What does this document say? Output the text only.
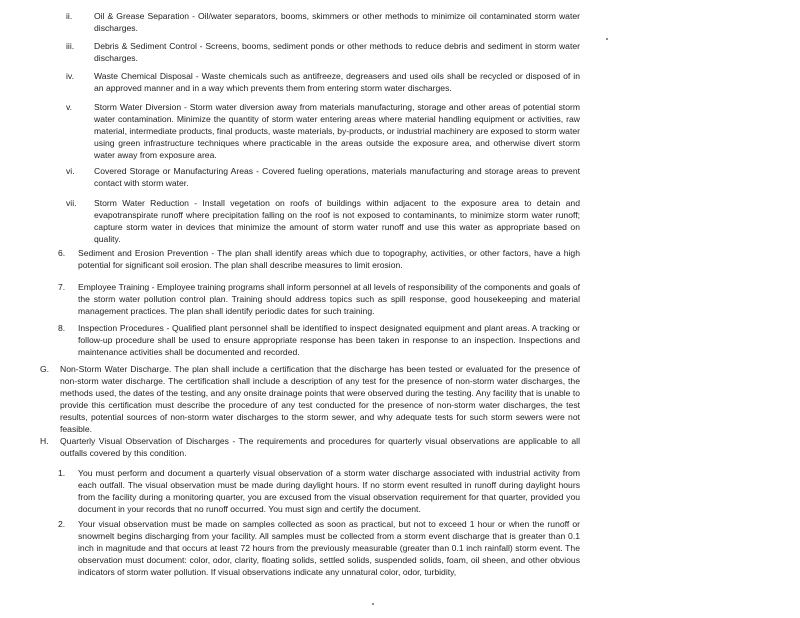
ii.	Oil & Grease Separation - Oil/water separators, booms, skimmers or other methods to minimize oil contaminated storm water discharges.
iii. Debris & Sediment Control - Screens, booms, sediment ponds or other methods to reduce debris and sediment in storm water discharges.
iv. Waste Chemical Disposal - Waste chemicals such as antifreeze, degreasers and used oils shall be recycled or disposed of in an approved manner and in a way which prevents them from entering storm water discharges.
v.	Storm Water Diversion - Storm water diversion away from materials manufacturing, storage and other areas of potential storm water contamination. Minimize the quantity of storm water entering areas where material handling equipment or activities, raw material, intermediate products, final products, waste materials, by-products, or industrial machinery are exposed to storm water using green infrastructure techniques where practicable in the areas outside the exposure area, and otherwise divert storm water away from exposure area.
vi. Covered Storage or Manufacturing Areas - Covered fueling operations, materials manufacturing and storage areas to prevent contact with storm water.
vii. Storm Water Reduction - Install vegetation on roofs of buildings within adjacent to the exposure area to detain and evapotranspirate runoff where precipitation falling on the roof is not exposed to contaminants, to minimize storm water runoff; capture storm water in devices that minimize the amount of storm water runoff and use this water as appropriate based on quality.
6. Sediment and Erosion Prevention - The plan shall identify areas which due to topography, activities, or other factors, have a high potential for significant soil erosion. The plan shall describe measures to limit erosion.
7. Employee Training - Employee training programs shall inform personnel at all levels of responsibility of the components and goals of the storm water pollution control plan. Training should address topics such as spill response, good housekeeping and material management practices. The plan shall identify periodic dates for such training.
8. Inspection Procedures - Qualified plant personnel shall be identified to inspect designated equipment and plant areas. A tracking or follow-up procedure shall be used to ensure appropriate response has been taken in response to an inspection. Inspections and maintenance activities shall be documented and recorded.
G. Non-Storm Water Discharge. The plan shall include a certification that the discharge has been tested or evaluated for the presence of non-storm water discharge. The certification shall include a description of any test for the presence of non-storm water discharges, the methods used, the dates of the testing, and any onsite drainage points that were observed during the testing. Any facility that is unable to provide this certification must describe the procedure of any test conducted for the presence of non-storm water discharges, the test results, potential sources of non-storm water discharges to the storm sewer, and why adequate tests for such storm sewers were not feasible.
H. Quarterly Visual Observation of Discharges - The requirements and procedures for quarterly visual observations are applicable to all outfalls covered by this condition.
1. You must perform and document a quarterly visual observation of a storm water discharge associated with industrial activity from each outfall. The visual observation must be made during daylight hours. If no storm event resulted in runoff during daylight hours from the facility during a monitoring quarter, you are excused from the visual observation requirement for that quarter, provided you document in your records that no runoff occurred. You must sign and certify the document.
2. Your visual observation must be made on samples collected as soon as practical, but not to exceed 1 hour or when the runoff or snowmelt begins discharging from your facility. All samples must be collected from a storm event discharge that is greater than 0.1 inch in magnitude and that occurs at least 72 hours from the previously measurable (greater than 0.1 inch rainfall) storm event. The observation must document: color, odor, clarity, floating solids, settled solids, suspended solids, foam, oil sheen, and other obvious indicators of storm water pollution. If visual observations indicate any unnatural color, odor, turbidity,
